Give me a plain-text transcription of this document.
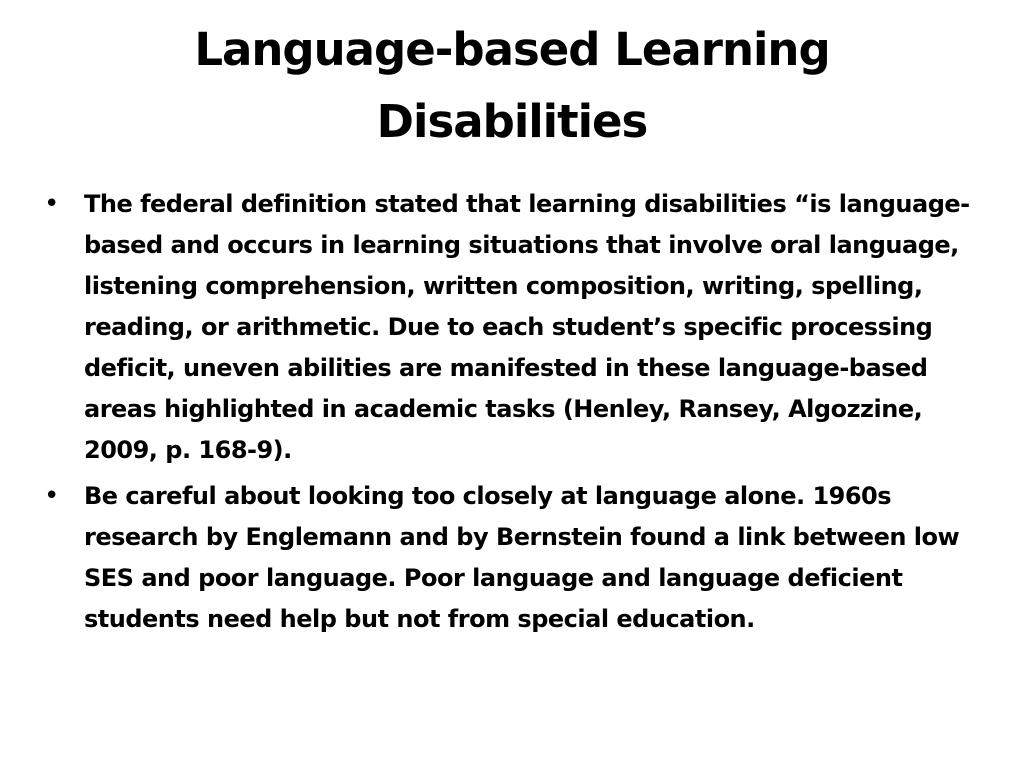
Language-based Learning Disabilities
• The federal definition stated that learning disabilities “is language-based and occurs in learning situations that involve oral language, listening comprehension, written composition, writing, spelling, reading, or arithmetic. Due to each student’s specific processing deficit, uneven abilities are manifested in these language-based areas highlighted in academic tasks (Henley, Ransey, Algozzine, 2009, p. 168-9).
• Be careful about looking too closely at language alone. 1960s research by Englemann and by Bernstein found a link between low SES and poor language. Poor language and language deficient students need help but not from special education.
